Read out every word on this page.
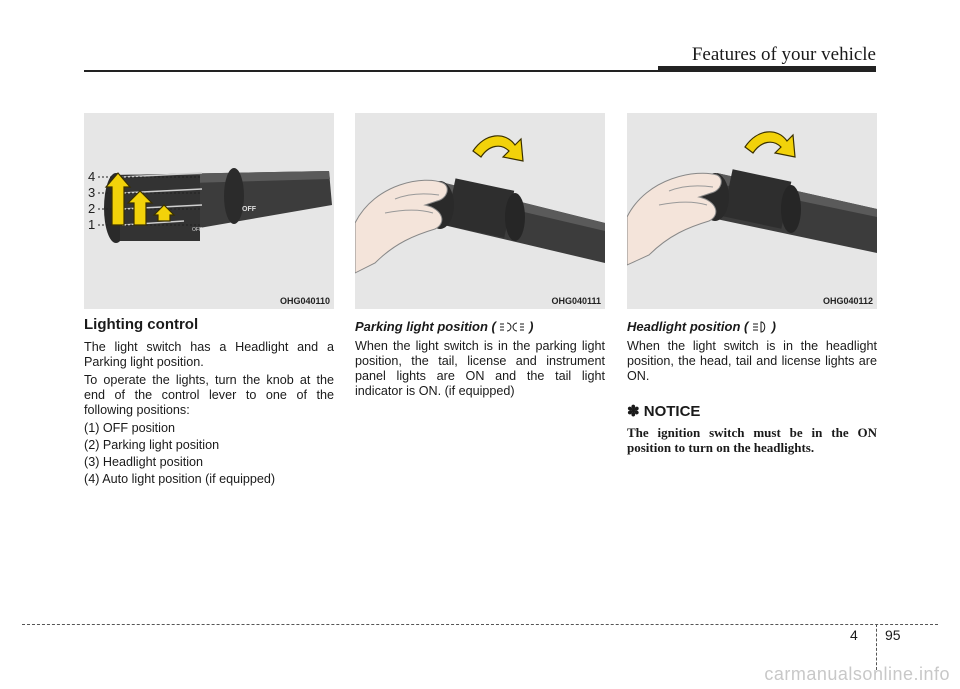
Features of your vehicle
OFF
OFF
4
3
2
1
OHG040110	OHG040111	OHG040112
Lighting control

The light switch has a Headlight and a Parking light position.

To operate the lights, turn the knob at the end of the control lever to one of the following positions:

(1) OFF position
(2) Parking light position
(3) Headlight position
(4) Auto light position (if equipped)
Parking light position (	)

When the light switch is in the parking light position, the tail, license and instrument panel lights are ON and the tail light indicator is ON. (if equipped)

Headlight position ( )

When the light switch is in the headlight position, the head, tail and license lights are ON.

✽ NOTICE
The ignition switch must be in the ON position to turn on the headlights.
4 95
carmanualsonline.info
